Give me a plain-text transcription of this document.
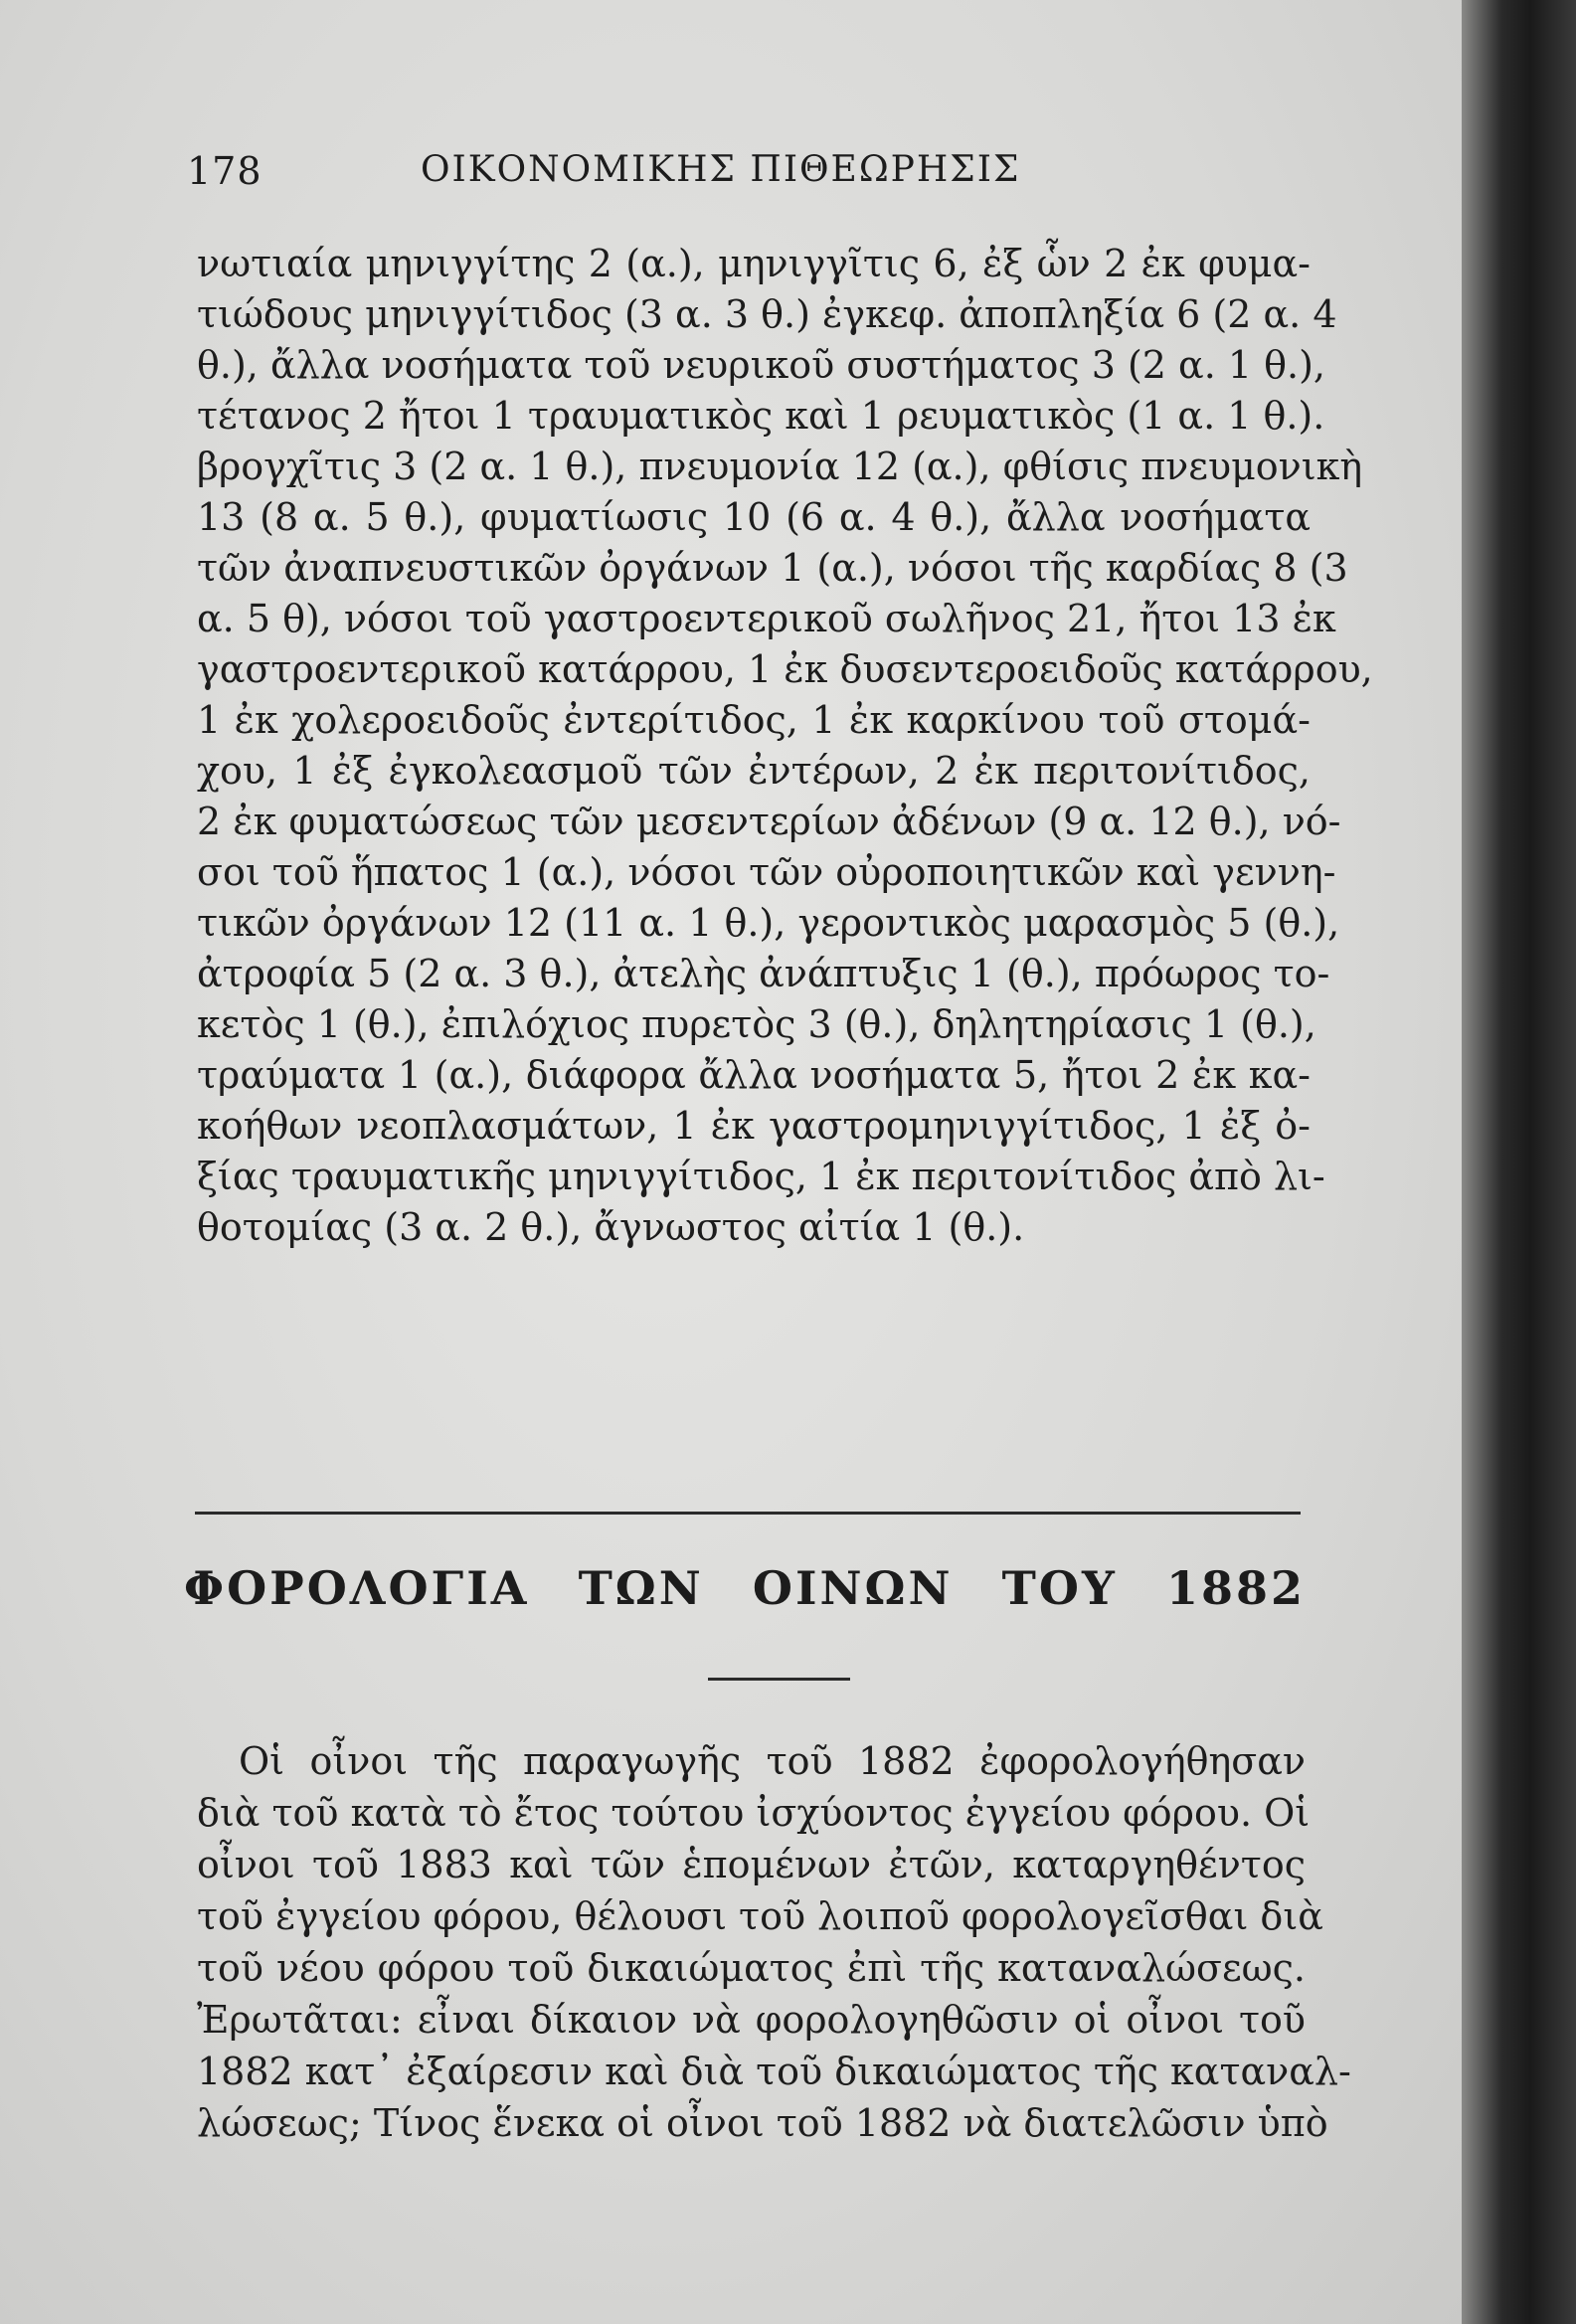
178	ΟΙΚΟΝΟΜΙΚΗΣ ΠΙΘΕΩΡΗΣΙΣ
νωτιαία μηνιγγίτης 2 (α.), μηνιγγῖτις 6, ἐξ ὧν 2 ἐκ φυμα-
τιώδους μηνιγγίτιδος (3 α. 3 θ.) ἐγκεφ. ἀποπληξία 6 (2 α. 4
θ.), ἄλλα νοσήματα τοῦ νευρικοῦ συστήματος 3 (2 α. 1 θ.),
τέτανος 2 ἤτοι 1 τραυματικὸς καὶ 1 ρευματικὸς (1 α. 1 θ.).
βρογχῖτις 3 (2 α. 1 θ.), πνευμονία 12 (α.), φθίσις πνευμονικὴ
13 (8 α. 5 θ.), φυματίωσις 10 (6 α. 4 θ.), ἄλλα νοσήματα
τῶν ἀναπνευστικῶν ὀργάνων 1 (α.), νόσοι τῆς καρδίας 8 (3
α. 5 θ), νόσοι τοῦ γαστροεντερικοῦ σωλῆνος 21, ἤτοι 13 ἐκ
γαστροεντερικοῦ κατάρρου, 1 ἐκ δυσεντεροειδοῦς κατάρρου,
1 ἐκ χολεροειδοῦς ἐντερίτιδος, 1 ἐκ καρκίνου τοῦ στομά-
χου, 1 ἐξ ἐγκολεασμοῦ τῶν ἐντέρων, 2 ἐκ περιτονίτιδος,
2 ἐκ φυματώσεως τῶν μεσεντερίων ἀδένων (9 α. 12 θ.), νό-
σοι τοῦ ἥπατος 1 (α.), νόσοι τῶν οὐροποιητικῶν καὶ γεννη-
τικῶν ὀργάνων 12 (11 α. 1 θ.), γεροντικὸς μαρασμὸς 5 (θ.),
ἀτροφία 5 (2 α. 3 θ.), ἀτελὴς ἀνάπτυξις 1 (θ.), πρόωρος το-
κετὸς 1 (θ.), ἐπιλόχιος πυρετὸς 3 (θ.), δηλητηρίασις 1 (θ.),
τραύματα 1 (α.), διάφορα ἄλλα νοσήματα 5, ἤτοι 2 ἐκ κα-
κοήθων νεοπλασμάτων, 1 ἐκ γαστρομηνιγγίτιδος, 1 ἐξ ὀ-
ξίας τραυματικῆς μηνιγγίτιδος, 1 ἐκ περιτονίτιδος ἀπὸ λι-
θοτομίας (3 α. 2 θ.), ἄγνωστος αἰτία 1 (θ.).
ΦΟΡΟΛΟΓΙΑ ΤΩΝ ΟΙΝΩΝ ΤΟΥ 1882
Οἱ οἶνοι τῆς παραγωγῆς τοῦ 1882 ἐφορολογήθησαν
διὰ τοῦ κατὰ τὸ ἔτος τούτου ἰσχύοντος ἐγγείου φόρου. Οἱ
οἶνοι τοῦ 1883 καὶ τῶν ἑπομένων ἐτῶν, καταργηθέντος
τοῦ ἐγγείου φόρου, θέλουσι τοῦ λοιποῦ φορολογεῖσθαι διὰ
τοῦ νέου φόρου τοῦ δικαιώματος ἐπὶ τῆς καταναλώσεως.
Ἐρωτᾶται: εἶναι δίκαιον νὰ φορολογηθῶσιν οἱ οἶνοι τοῦ
1882 κατ᾽ ἐξαίρεσιν καὶ διὰ τοῦ δικαιώματος τῆς καταναλ-
λώσεως; Τίνος ἕνεκα οἱ οἶνοι τοῦ 1882 νὰ διατελῶσιν ὑπὸ
